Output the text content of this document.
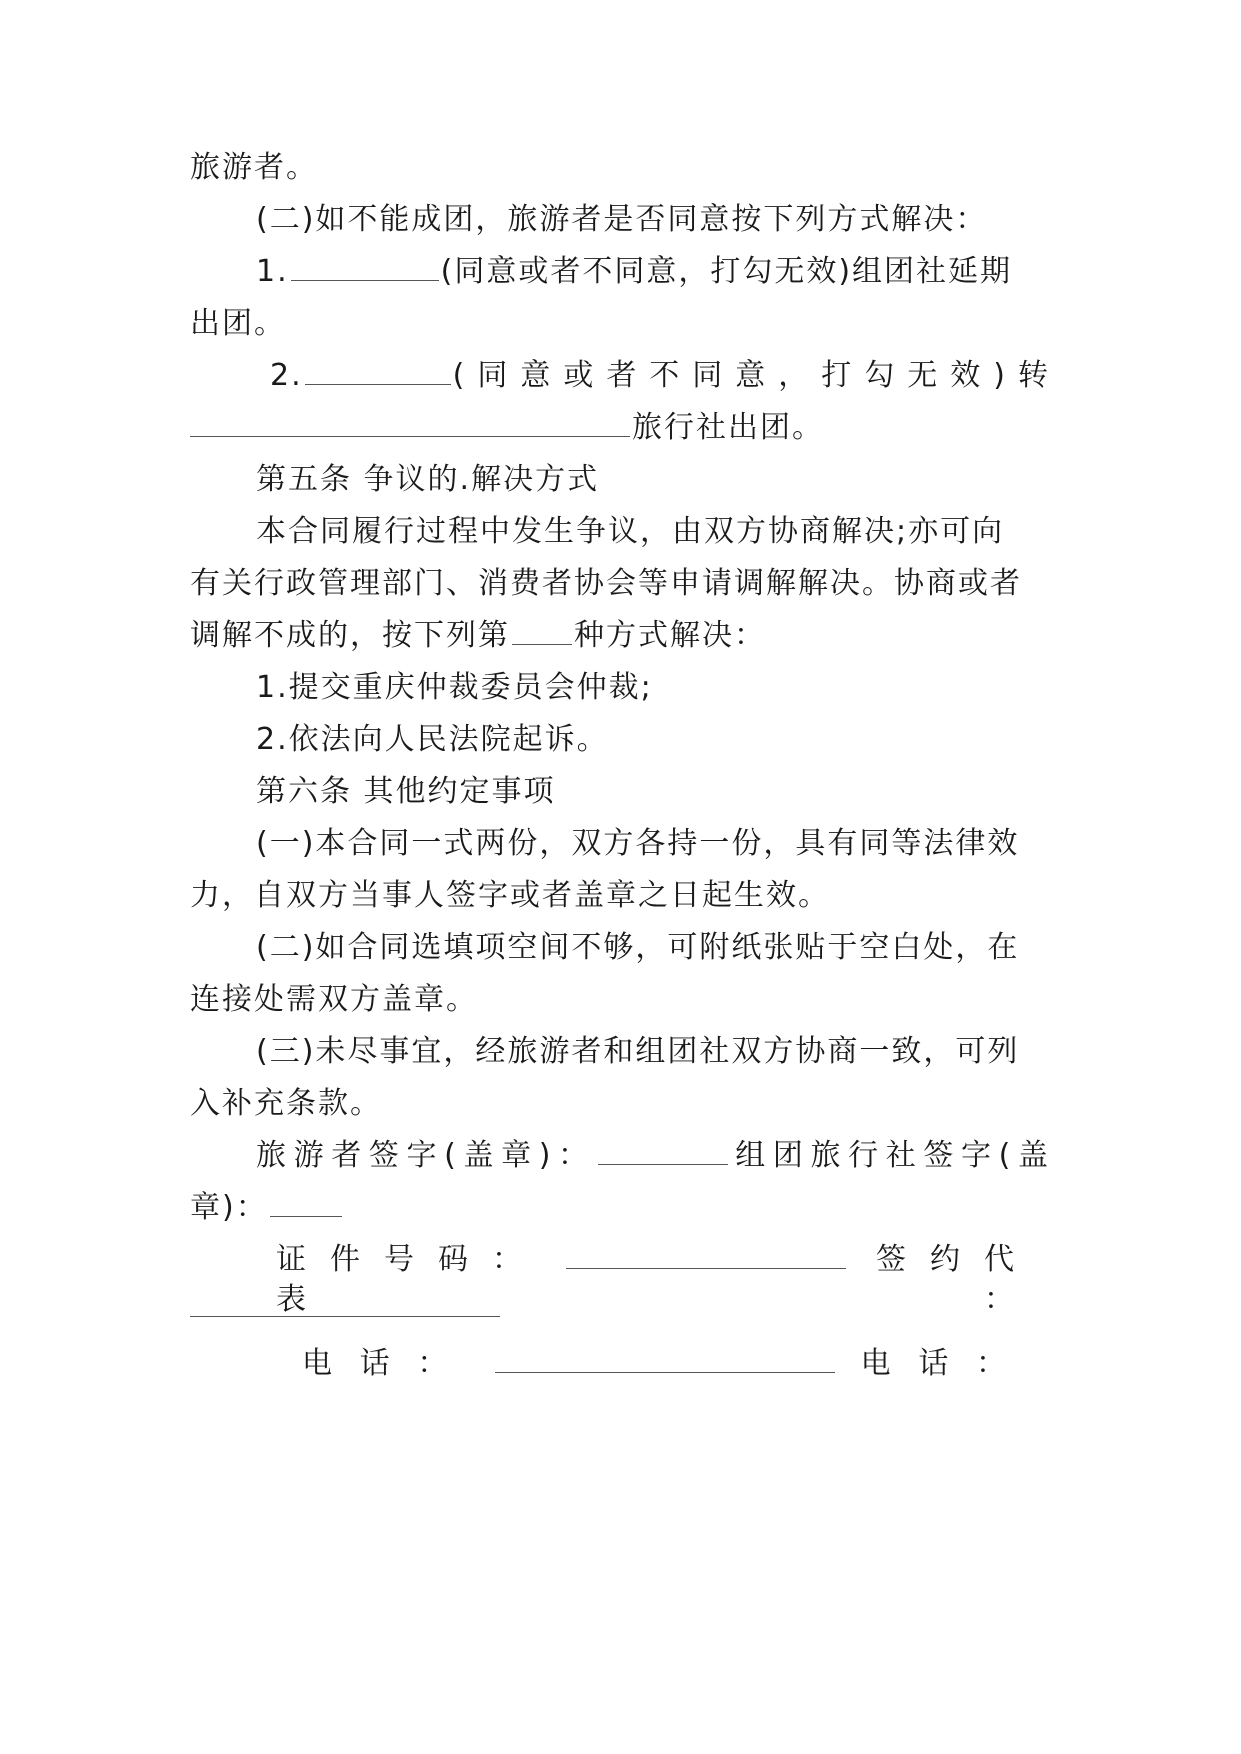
旅游者。
(二)如不能成团，旅游者是否同意按下列方式解决：
1.	(同意或者不同意，打勾无效)组团社延期
出团。
2.	(同意或者不同意，打勾无效)转
旅行社出团。
第五条 争议的.解决方式
本合同履行过程中发生争议，由双方协商解决;亦可向
有关行政管理部门、消费者协会等申请调解解决。协商或者
调解不成的，按下列第 种方式解决：
1.提交重庆仲裁委员会仲裁;
2.依法向人民法院起诉。
第六条 其他约定事项
(一)本合同一式两份，双方各持一份，具有同等法律效
力，自双方当事人签字或者盖章之日起生效。
(二)如合同选填项空间不够，可附纸张贴于空白处，在
连接处需双方盖章。
(三)未尽事宜，经旅游者和组团社双方协商一致，可列
入补充条款。
旅游者签字(盖章)：	组团旅行社签字(盖
章)：
证件号码：	签约代表：
电话：	电话：
